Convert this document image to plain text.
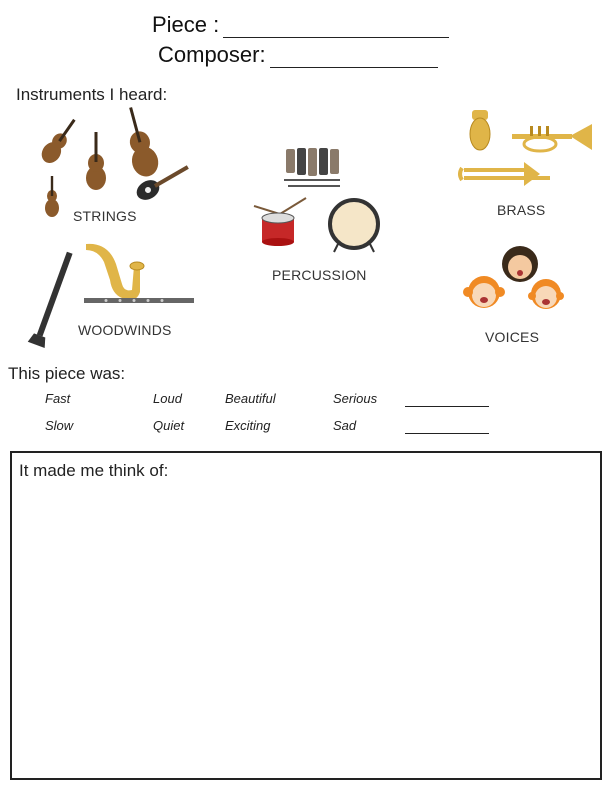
Piece :
Composer:
Instruments I heard:
STRINGS
PERCUSSION
BRASS
WOODWINDS	VOICES
This piece was:
Fast	Loud	Beautiful	Serious
Slow	Quiet	Exciting	Sad
It made me think of:
